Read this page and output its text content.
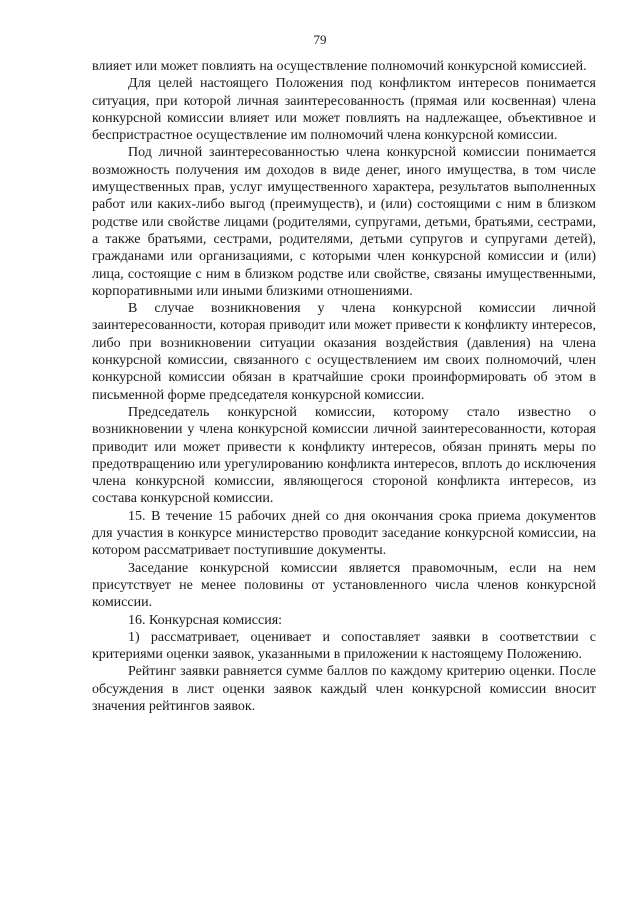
79

влияет или может повлиять на осуществление полномочий конкурсной комиссией.

Для целей настоящего Положения под конфликтом интересов понимается ситуация, при которой личная заинтересованность (прямая или косвенная) члена конкурсной комиссии влияет или может повлиять на надлежащее, объективное и беспристрастное осуществление им полномочий члена конкурсной комиссии.

Под личной заинтересованностью члена конкурсной комиссии понимается возможность получения им доходов в виде денег, иного имущества, в том числе имущественных прав, услуг имущественного характера, результатов выполненных работ или каких-либо выгод (преимуществ), и (или) состоящими с ним в близком родстве или свойстве лицами (родителями, супругами, детьми, братьями, сестрами, а также братьями, сестрами, родителями, детьми супругов и супругами детей), гражданами или организациями, с которыми член конкурсной комиссии и (или) лица, состоящие с ним в близком родстве или свойстве, связаны имущественными, корпоративными или иными близкими отношениями.

В случае возникновения у члена конкурсной комиссии личной заинтересованности, которая приводит или может привести к конфликту интересов, либо при возникновении ситуации оказания воздействия (давления) на члена конкурсной комиссии, связанного с осуществлением им своих полномочий, член конкурсной комиссии обязан в кратчайшие сроки проинформировать об этом в письменной форме председателя конкурсной комиссии.

Председатель конкурсной комиссии, которому стало известно о возникновении у члена конкурсной комиссии личной заинтересованности, которая приводит или может привести к конфликту интересов, обязан принять меры по предотвращению или урегулированию конфликта интересов, вплоть до исключения члена конкурсной комиссии, являющегося стороной конфликта интересов, из состава конкурсной комиссии.

15. В течение 15 рабочих дней со дня окончания срока приема документов для участия в конкурсе министерство проводит заседание конкурсной комиссии, на котором рассматривает поступившие документы.

Заседание конкурсной комиссии является правомочным, если на нем присутствует не менее половины от установленного числа членов конкурсной комиссии.

16. Конкурсная комиссия:

1) рассматривает, оценивает и сопоставляет заявки в соответствии с критериями оценки заявок, указанными в приложении к настоящему Положению.

Рейтинг заявки равняется сумме баллов по каждому критерию оценки. После обсуждения в лист оценки заявок каждый член конкурсной комиссии вносит значения рейтингов заявок.
